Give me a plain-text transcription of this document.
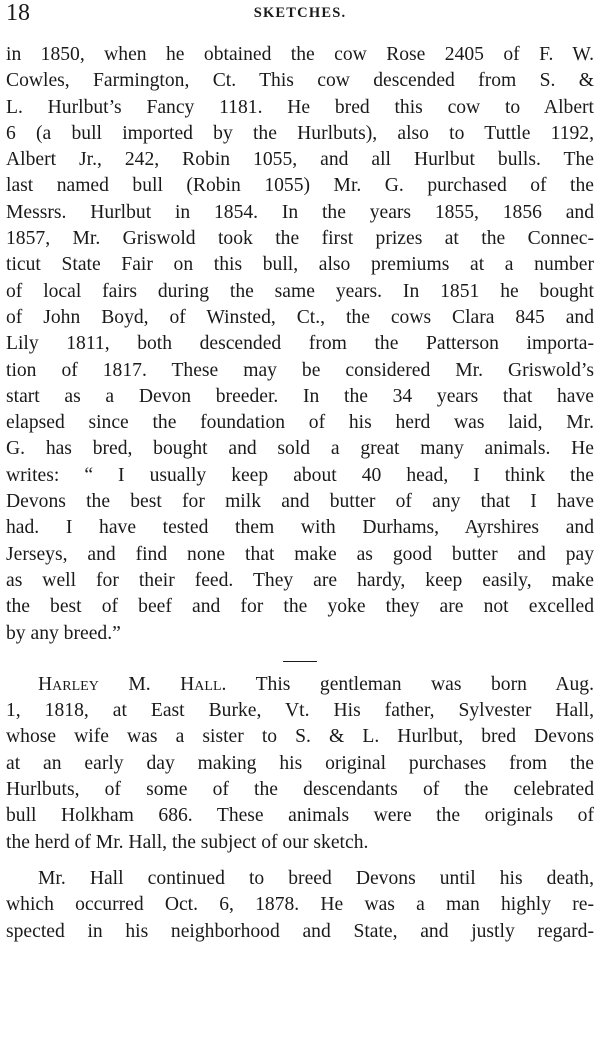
18	SKETCHES.
in 1850, when he obtained the cow Rose 2405 of F. W.
Cowles, Farmington, Ct. This cow descended from S. &
L. Hurlbut’s Fancy 1181. He bred this cow to Albert
6 (a bull imported by the Hurlbuts), also to Tuttle 1192,
Albert Jr., 242, Robin 1055, and all Hurlbut bulls. The
last named bull (Robin 1055) Mr. G. purchased of the
Messrs. Hurlbut in 1854. In the years 1855, 1856 and
1857, Mr. Griswold took the first prizes at the Connec-
ticut State Fair on this bull, also premiums at a number
of local fairs during the same years. In 1851 he bought
of John Boyd, of Winsted, Ct., the cows Clara 845 and
Lily 1811, both descended from the Patterson importa-
tion of 1817. These may be considered Mr. Griswold’s
start as a Devon breeder. In the 34 years that have
elapsed since the foundation of his herd was laid, Mr.
G. has bred, bought and sold a great many animals. He
writes: “ I usually keep about 40 head, I think the
Devons the best for milk and butter of any that I have
had. I have tested them with Durhams, Ayrshires and
Jerseys, and find none that make as good butter and pay
as well for their feed. They are hardy, keep easily, make
the best of beef and for the yoke they are not excelled
by any breed.”
Harley M. Hall. This gentleman was born Aug.
1, 1818, at East Burke, Vt. His father, Sylvester Hall,
whose wife was a sister to S. & L. Hurlbut, bred Devons
at an early day making his original purchases from the
Hurlbuts, of some of the descendants of the celebrated
bull Holkham 686. These animals were the originals of
the herd of Mr. Hall, the subject of our sketch.
Mr. Hall continued to breed Devons until his death,
which occurred Oct. 6, 1878. He was a man highly re-
spected in his neighborhood and State, and justly regard-
